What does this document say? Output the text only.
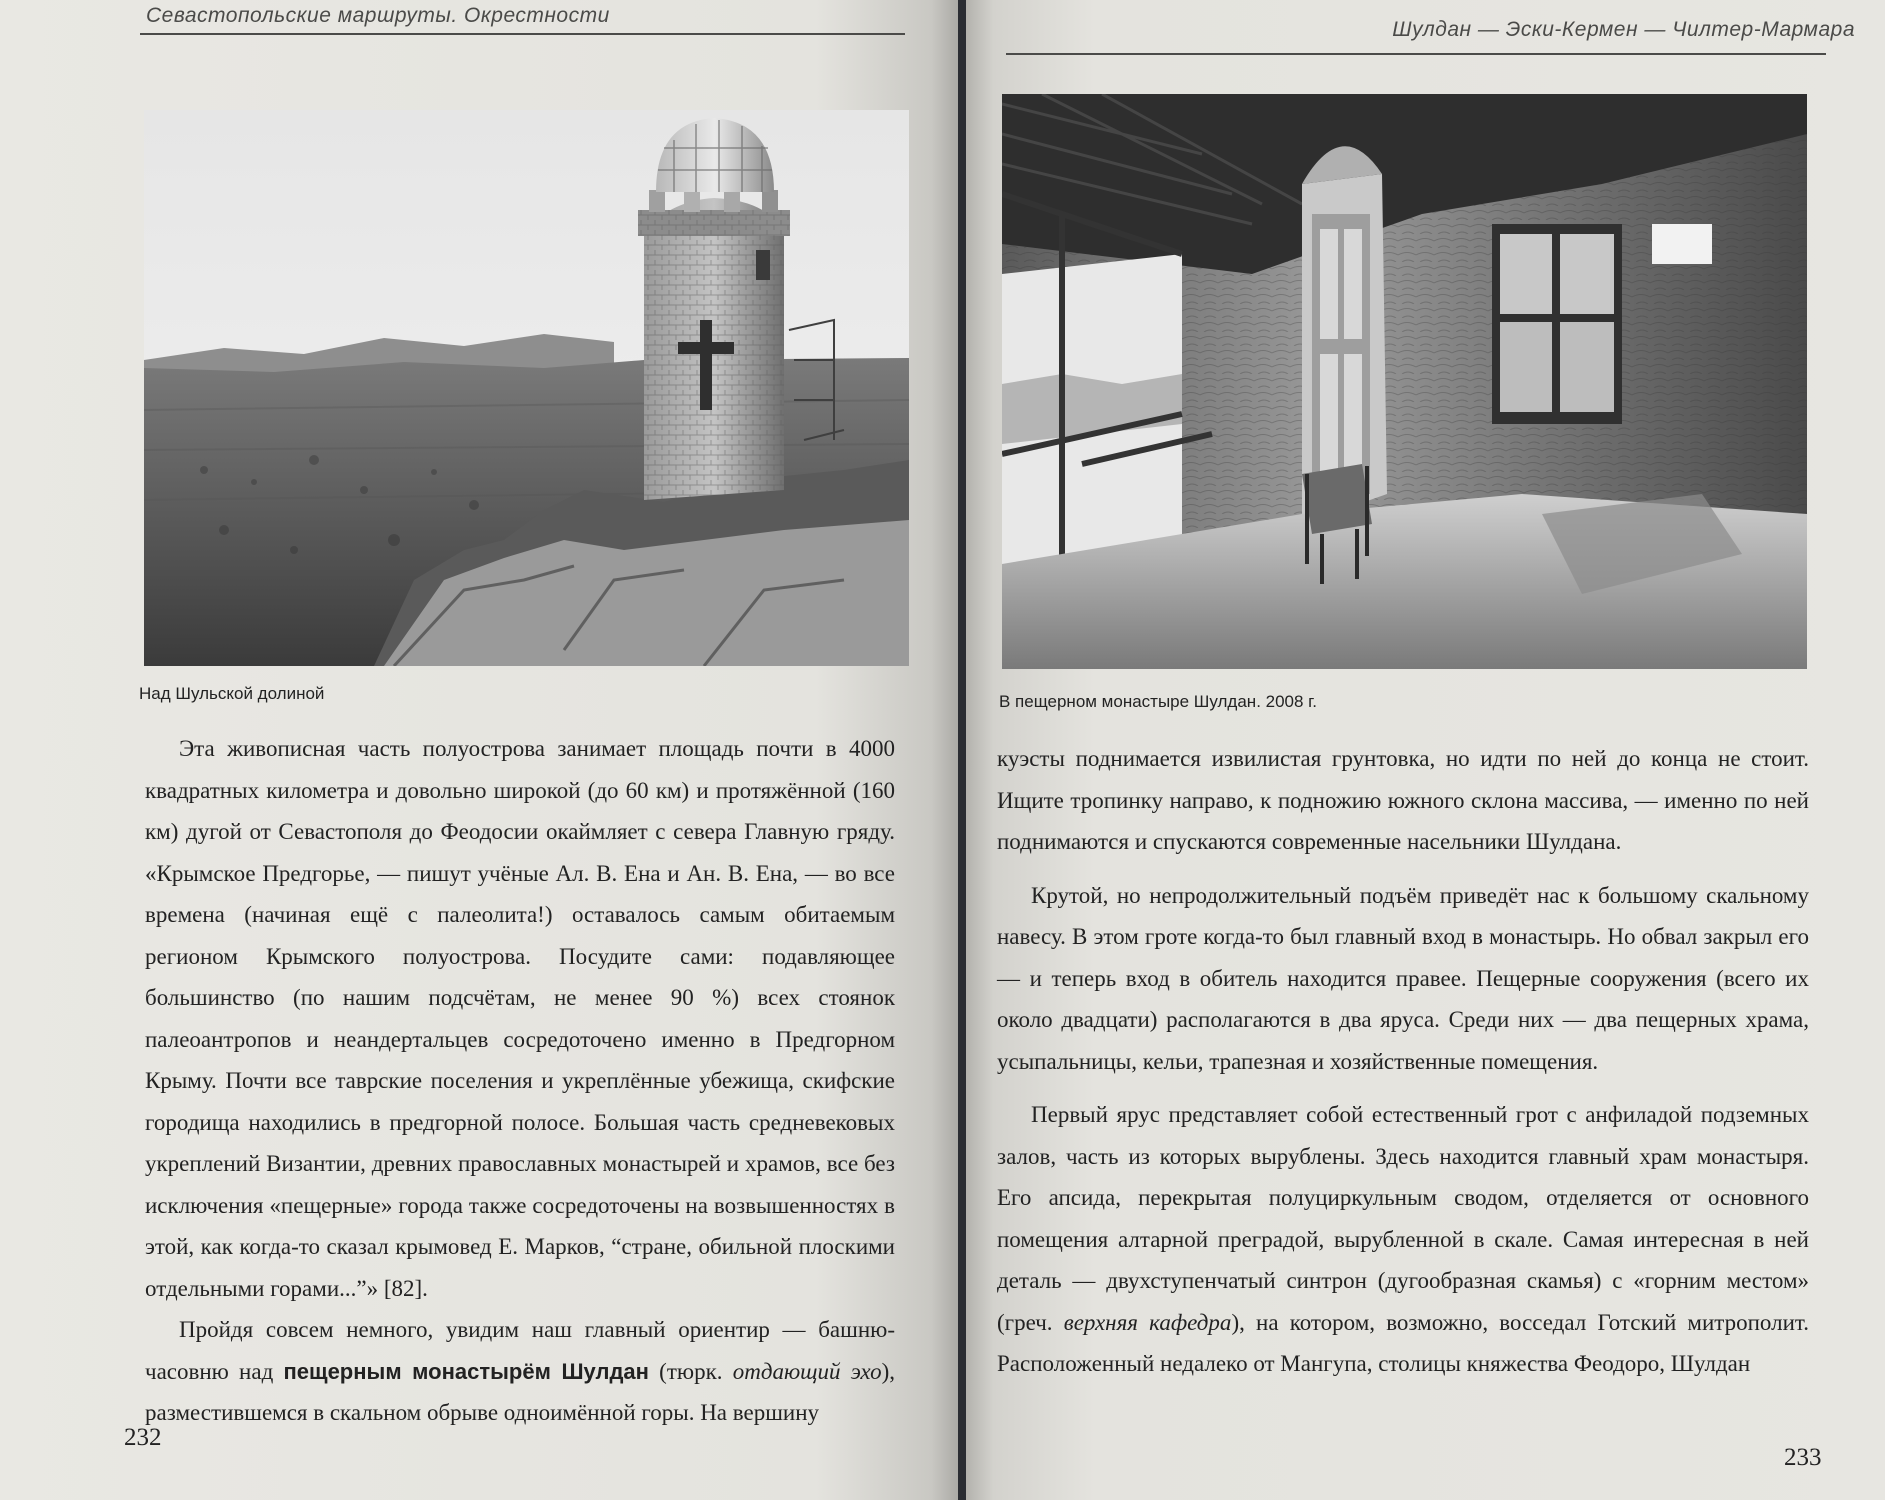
Севастопольские маршруты. Окрестности
Над Шульской долиной

Эта живописная часть полуострова занимает площадь почти в 4000 квадратных километра и довольно широкой (до 60 км) и протяжённой (160 км) дугой от Севастополя до Феодосии окаймляет с севера Главную гряду. «Крымское Предгорье, — пишут учёные Ал. В. Ена и Ан. В. Ена, — во все времена (начиная ещё с палеолита!) оставалось самым обитаемым регионом Крымского полуострова. Посудите сами: подавляющее большинство (по нашим подсчётам, не менее 90 %) всех стоянок палеоантропов и неандертальцев сосредоточено именно в Предгорном Крыму. Почти все таврские поселения и укреплённые убежища, скифские городища находились в предгорной полосе. Большая часть средневековых укреплений Византии, древних православных монастырей и храмов, все без исключения «пещерные» города также сосредоточены на возвышенностях в этой, как когда-то сказал крымовед Е. Марков, “стране, обильной плоскими отдельными горами...”» [82].

Пройдя совсем немного, увидим наш главный ориентир — башню-часовню над пещерным монастырём Шулдан (тюрк. отдающий эхо), разместившемся в скальном обрыве одноимённой горы. На вершину

232
Шулдан — Эски-Кермен — Чилтер-Мармара
В пещерном монастыре Шулдан. 2008 г.

куэсты поднимается извилистая грунтовка, но идти по ней до конца не стоит. Ищите тропинку направо, к подножию южного склона массива, — именно по ней поднимаются и спускаются современные насельники Шулдана.

Крутой, но непродолжительный подъём приведёт нас к большому скальному навесу. В этом гроте когда-то был главный вход в монастырь. Но обвал закрыл его — и теперь вход в обитель находится правее. Пещерные сооружения (всего их около двадцати) располагаются в два яруса. Среди них — два пещерных храма, усыпальницы, кельи, трапезная и хозяйственные помещения.

Первый ярус представляет собой естественный грот с анфиладой подземных залов, часть из которых вырублены. Здесь находится главный храм монастыря. Его апсида, перекрытая полуциркульным сводом, отделяется от основного помещения алтарной преградой, вырубленной в скале. Самая интересная в ней деталь — двухступенчатый синтрон (дугообразная скамья) с «горним местом» (греч. верхняя кафедра), на котором, возможно, восседал Готский митрополит. Расположенный недалеко от Мангупа, столицы княжества Феодоро, Шулдан

233
